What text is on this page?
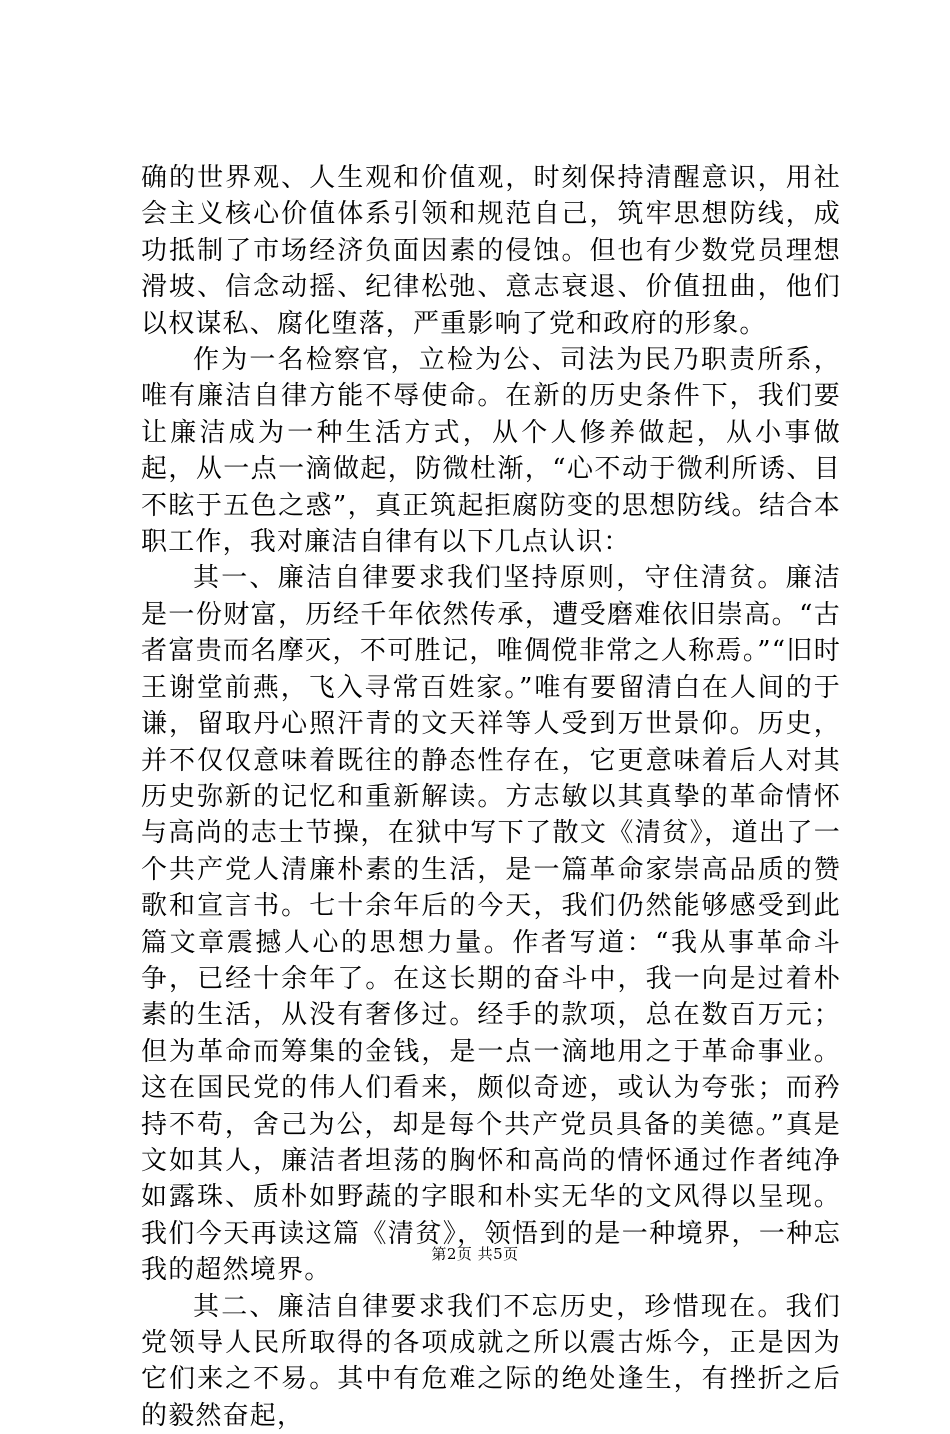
确的世界观、人生观和价值观，时刻保持清醒意识，用社会主义核心价值体系引领和规范自己，筑牢思想防线，成功抵制了市场经济负面因素的侵蚀。但也有少数党员理想滑坡、信念动摇、纪律松弛、意志衰退、价值扭曲，他们以权谋私、腐化堕落，严重影响了党和政府的形象。

作为一名检察官，立检为公、司法为民乃职责所系，唯有廉洁自律方能不辱使命。在新的历史条件下，我们要让廉洁成为一种生活方式，从个人修养做起，从小事做起，从一点一滴做起，防微杜渐，“心不动于微利所诱、目不眩于五色之惑”，真正筑起拒腐防变的思想防线。结合本职工作，我对廉洁自律有以下几点认识：

其一、廉洁自律要求我们坚持原则，守住清贫。廉洁是一份财富，历经千年依然传承，遭受磨难依旧崇高。“古者富贵而名摩灭，不可胜记，唯倜傥非常之人称焉。”“旧时王谢堂前燕，飞入寻常百姓家。”唯有要留清白在人间的于谦，留取丹心照汗青的文天祥等人受到万世景仰。历史，并不仅仅意味着既往的静态性存在，它更意味着后人对其历史弥新的记忆和重新解读。方志敏以其真挚的革命情怀与高尚的志士节操，在狱中写下了散文《清贫》，道出了一个共产党人清廉朴素的生活，是一篇革命家崇高品质的赞歌和宣言书。七十余年后的今天，我们仍然能够感受到此篇文章震撼人心的思想力量。作者写道：“我从事革命斗争，已经十余年了。在这长期的奋斗中，我一向是过着朴素的生活，从没有奢侈过。经手的款项，总在数百万元；但为革命而筹集的金钱，是一点一滴地用之于革命事业。这在国民党的伟人们看来，颇似奇迹，或认为夸张；而矜持不苟，舍己为公，却是每个共产党员具备的美德。”真是文如其人，廉洁者坦荡的胸怀和高尚的情怀通过作者纯净如露珠、质朴如野蔬的字眼和朴实无华的文风得以呈现。我们今天再读这篇《清贫》，领悟到的是一种境界，一种忘我的超然境界。

其二、廉洁自律要求我们不忘历史，珍惜现在。我们党领导人民所取得的各项成就之所以震古烁今，正是因为它们来之不易。其中有危难之际的绝处逢生，有挫折之后的毅然奋起，

第2页 共5页
